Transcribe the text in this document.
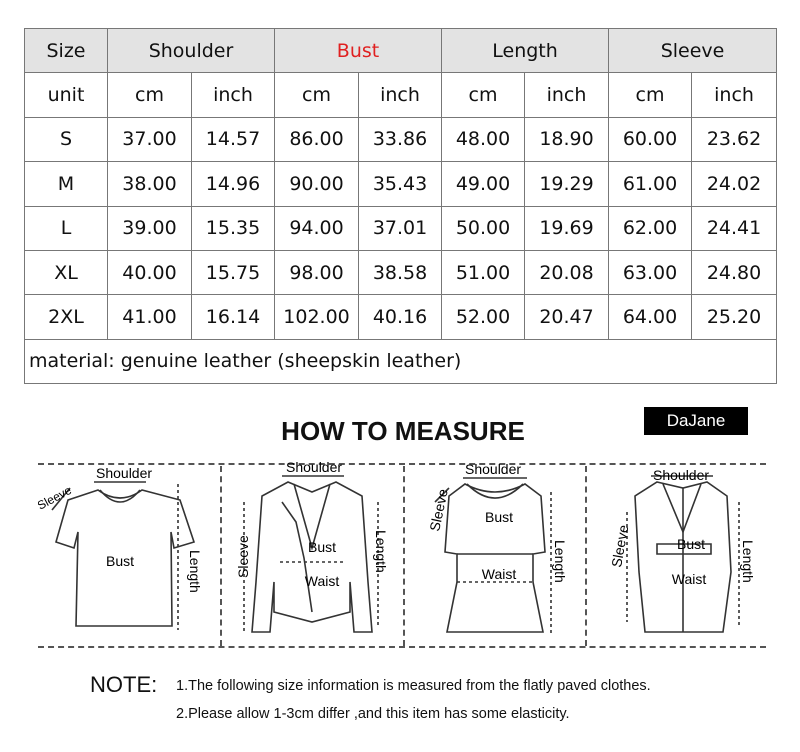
Size	Shoulder		Bust		Length		Sleeve	
unit	cm	inch	cm	inch	cm	inch	cm	inch
S	37.00	14.57	86.00	33.86	48.00	18.90	60.00	23.62
M	38.00	14.96	90.00	35.43	49.00	19.29	61.00	24.02
L	39.00	15.35	94.00	37.01	50.00	19.69	62.00	24.41
XL	40.00	15.75	98.00	38.58	51.00	20.08	63.00	24.80
2XL	41.00	16.14	102.00	40.16	52.00	20.47	64.00	25.20
material: genuine leather (sheepskin leather)								
HOW TO MEASURE	DaJane
Shoulder
Sleeve
Bust	Length
Shoulder
Bust
Waist
Sleeve	Length
Shoulder
Bust
Waist
Sleeve
Length
Shoulder
Bust
Waist
Sleeve	Length
NOTE: 1.The following size information is measured from the flatly paved clothes.
2.Please allow 1-3cm differ ,and this item has some elasticity.
